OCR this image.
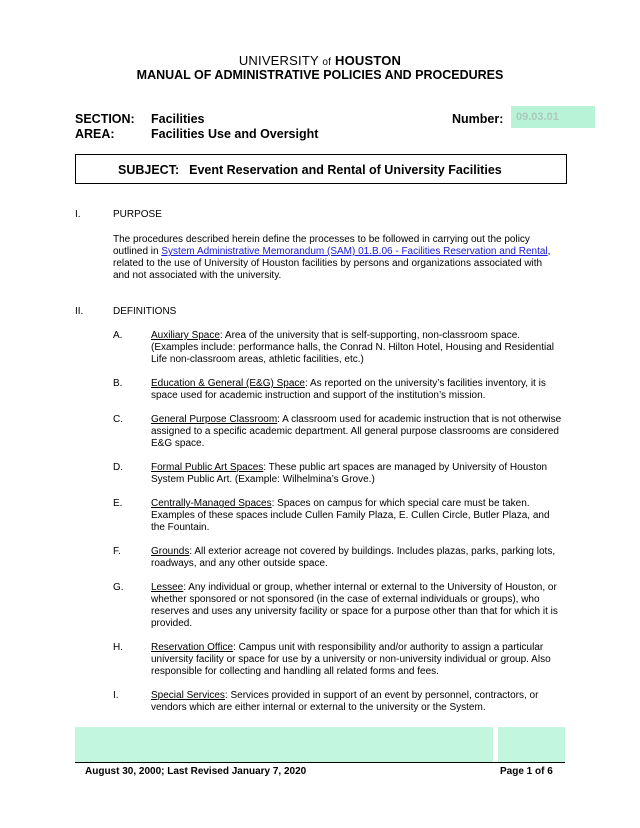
UNIVERSITY of HOUSTON
MANUAL OF ADMINISTRATIVE POLICIES AND PROCEDURES
SECTION: Facilities
AREA:	Facilities Use and Oversight
Number:	09.03.01
SUBJECT: Event Reservation and Rental of University Facilities
I.	PURPOSE
The procedures described herein define the processes to be followed in carrying out the policy outlined in System Administrative Memorandum (SAM) 01.B.06 - Facilities Reservation and Rental, related to the use of University of Houston facilities by persons and organizations associated with and not associated with the university.
II.	DEFINITIONS
A.	Auxiliary Space: Area of the university that is self-supporting, non-classroom space. (Examples include: performance halls, the Conrad N. Hilton Hotel, Housing and Residential Life non-classroom areas, athletic facilities, etc.)
B.	Education & General (E&G) Space: As reported on the university’s facilities inventory, it is space used for academic instruction and support of the institution’s mission.
C.	General Purpose Classroom: A classroom used for academic instruction that is not otherwise assigned to a specific academic department. All general purpose classrooms are considered E&G space.
D.	Formal Public Art Spaces: These public art spaces are managed by University of Houston System Public Art. (Example: Wilhelmina’s Grove.)
E.	Centrally-Managed Spaces: Spaces on campus for which special care must be taken. Examples of these spaces include Cullen Family Plaza, E. Cullen Circle, Butler Plaza, and the Fountain.
F.	Grounds: All exterior acreage not covered by buildings. Includes plazas, parks, parking lots, roadways, and any other outside space.
G.	Lessee: Any individual or group, whether internal or external to the University of Houston, or whether sponsored or not sponsored (in the case of external individuals or groups), who reserves and uses any university facility or space for a purpose other than that for which it is provided.
H.	Reservation Office: Campus unit with responsibility and/or authority to assign a particular university facility or space for use by a university or non-university individual or group. Also responsible for collecting and handling all related forms and fees.
I.	Special Services: Services provided in support of an event by personnel, contractors, or vendors which are either internal or external to the university or the System.
August 30, 2000; Last Revised January 7, 2020	Page 1 of 6
